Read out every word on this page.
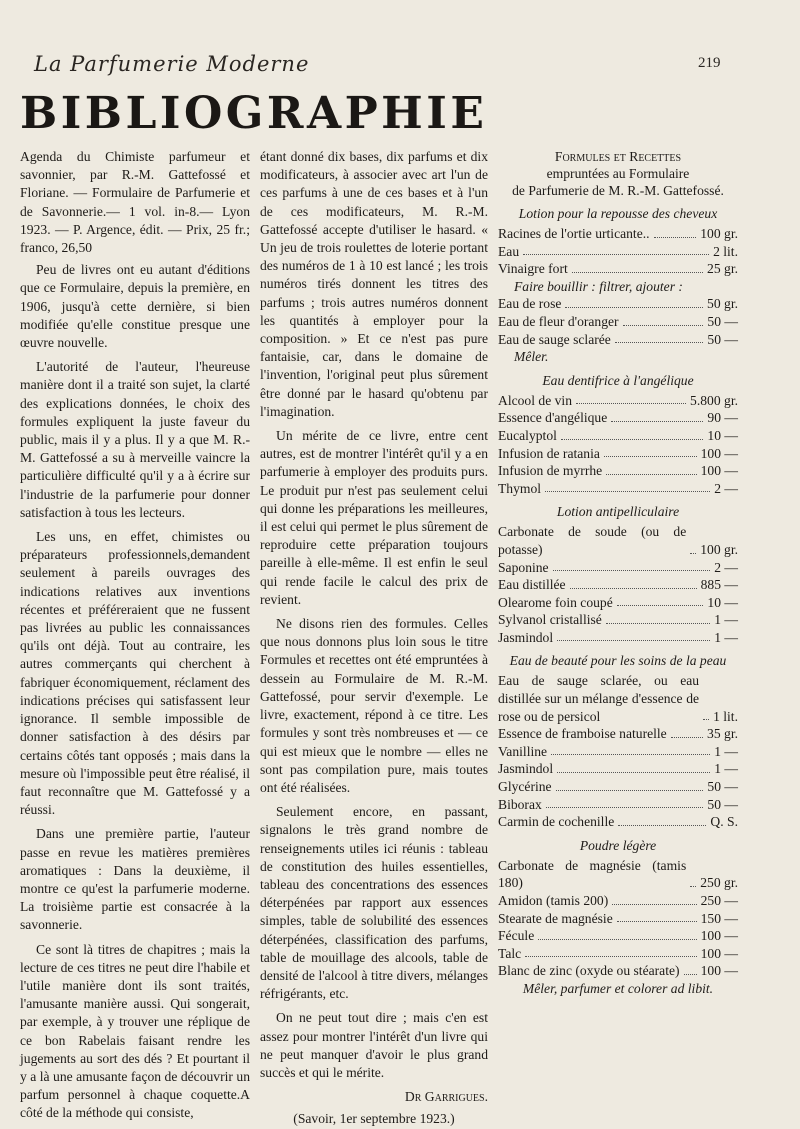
La Parfumerie Moderne	219
BIBLIOGRAPHIE

Agenda du Chimiste parfumeur et savonnier, par R.-M. Gattefossé et Floriane. — Formulaire de Parfumerie et de Savonnerie.— 1 vol. in-8.— Lyon 1923. — P. Argence, édit. — Prix, 25 fr.; franco, 26,50

Peu de livres ont eu autant d'éditions que ce Formulaire, depuis la première, en 1906, jusqu'à cette dernière, si bien modifiée qu'elle constitue presque une œuvre nouvelle.

L'autorité de l'auteur, l'heureuse manière dont il a traité son sujet, la clarté des explications données, le choix des formules expliquent la juste faveur du public, mais il y a plus. Il y a que M. R.-M. Gattefossé a su à merveille vaincre la particulière difficulté qu'il y a à écrire sur l'industrie de la parfumerie pour donner satisfaction à tous les lecteurs.

Les uns, en effet, chimistes ou préparateurs professionnels,demandent seulement à pareils ouvrages des indications relatives aux inventions récentes et préféreraient que ne fussent pas livrées au public les connaissances qu'ils ont déjà. Tout au contraire, les autres commerçants qui cherchent à fabriquer économiquement, réclament des indications précises qui satisfassent leur ignorance. Il semble impossible de donner satisfaction à des désirs par certains côtés tant opposés ; mais dans la mesure où l'impossible peut être réalisé, il faut reconnaître que M. Gattefossé y a réussi.

Dans une première partie, l'auteur passe en revue les matières premières aromatiques : Dans la deuxième, il montre ce qu'est la parfumerie moderne. La troisième partie est consacrée à la savonnerie.

Ce sont là titres de chapitres ; mais la lecture de ces titres ne peut dire l'habile et l'utile manière dont ils sont traités, l'amusante manière aussi. Qui songerait, par exemple, à y trouver une réplique de ce bon Rabelais faisant rendre les jugements au sort des dés ? Et pourtant il y a là une amusante façon de découvrir un parfum personnel à chaque coquette.A côté de la méthode qui consiste,

étant donné dix bases, dix parfums et dix modificateurs, à associer avec art l'un de ces parfums à une de ces bases et à l'un de ces modificateurs, M. R.-M. Gattefossé accepte d'utiliser le hasard. « Un jeu de trois roulettes de loterie portant des numéros de 1 à 10 est lancé ; les trois numéros tirés donnent les titres des parfums ; trois autres numéros donnent les quantités à employer pour la composition. » Et ce n'est pas pure fantaisie, car, dans le domaine de l'invention, l'original peut plus sûrement être donné par le hasard qu'obtenu par l'imagination.

Un mérite de ce livre, entre cent autres, est de montrer l'intérêt qu'il y a en parfumerie à employer des produits purs. Le produit pur n'est pas seulement celui qui donne les préparations les meilleures, il est celui qui permet le plus sûrement de reproduire cette préparation toujours pareille à elle-même. Il est enfin le seul qui rende facile le calcul des prix de revient.

Ne disons rien des formules. Celles que nous donnons plus loin sous le titre Formules et recettes ont été empruntées à dessein au Formulaire de M. R.-M. Gattefossé, pour servir d'exemple. Le livre, exactement, répond à ce titre. Les formules y sont très nombreuses et — ce qui est mieux que le nombre — elles ne sont pas compilation pure, mais toutes ont été réalisées.

Seulement encore, en passant, signalons le très grand nombre de renseignements utiles ici réunis : tableau de constitution des huiles essentielles, tableau des concentrations des essences déterpénées par rapport aux essences simples, table de solubilité des essences déterpénées, classification des parfums, table de mouillage des alcools, table de densité de l'alcool à titre divers, mélanges réfrigérants, etc.

On ne peut tout dire ; mais c'en est assez pour montrer l'intérêt d'un livre qui ne peut manquer d'avoir le plus grand succès et qui le mérite.

Dr Garrigues.
(Savoir, 1er septembre 1923.)
Formules et Recettes
empruntées au Formulaire
de Parfumerie de M. R.-M. Gattefossé.
Lotion pour la repousse des cheveux
Racines de l'ortie urticante..	100 gr.
Eau	2 lit.
Vinaigre fort	25 gr.
Faire bouillir : filtrer, ajouter :
Eau de rose	50 gr.
Eau de fleur d'oranger	50 —
Eau de sauge sclarée	50 —
Mêler.
Eau dentifrice à l'angélique
Alcool de vin	5.800 gr.
Essence d'angélique	90 —
Eucalyptol	10 —
Infusion de ratania	100 —
Infusion de myrrhe	100 —
Thymol	2 —
Lotion antipelliculaire
Carbonate de soude (ou de potasse)	100 gr.
Saponine	2 —
Eau distillée	885 —
Olearome foin coupé	10 —
Sylvanol cristallisé	1 —
Jasmindol	1 —
Eau de beauté pour les soins de la peau
Eau de sauge sclarée, ou eau distillée sur un mélange d'essence de rose ou de persicol	1 lit.
Essence de framboise naturelle	35 gr.
Vanilline	1 —
Jasmindol	1 —
Glycérine	50 —
Biborax	50 —
Carmin de cochenille	Q. S.
Poudre légère
Carbonate de magnésie (tamis 180)	250 gr.
Amidon (tamis 200)	250 —
Stearate de magnésie	150 —
Fécule	100 —
Talc	100 —
Blanc de zinc (oxyde ou stéarate) 100 —
Mêler, parfumer et colorer ad libit.
